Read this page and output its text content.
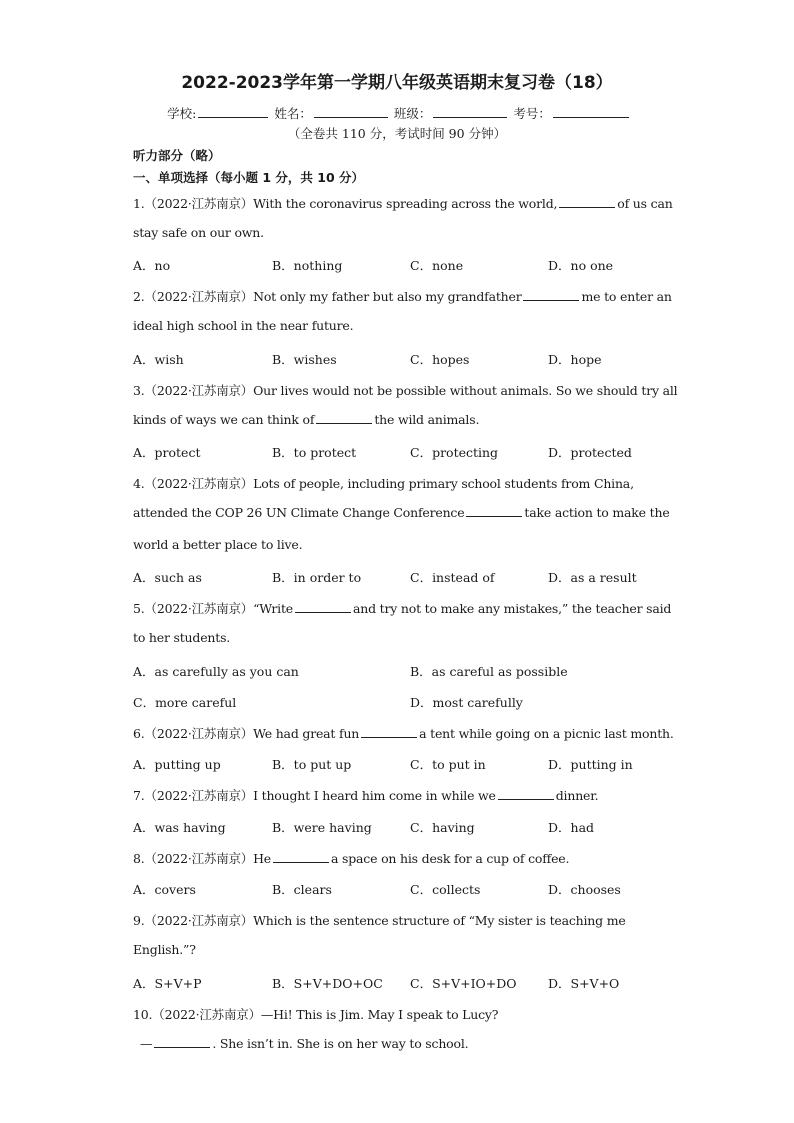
2022-2023学年第一学期八年级英语期末复习卷（18）
学校:	姓名：	班级：	考号：
（全卷共 110 分，考试时间 90 分钟）
听力部分（略）
一、单项选择（每小题 1 分，共 10 分）
1.（2022·江苏南京）With the coronavirus spreading across the world,	of us can
stay safe on our own.
A．no	B．nothing	C．none	D．no one
2.（2022·江苏南京）Not only my father but also my grandfather	me to enter an
ideal high school in the near future.
A．wish	B．wishes	C．hopes	D．hope
3.（2022·江苏南京）Our lives would not be possible without animals. So we should try all
kinds of ways we can think of	the wild animals.
A．protect	B．to protect	C．protecting	D．protected
4.（2022·江苏南京）Lots of people, including primary school students from China,
attended the COP 26 UN Climate Change Conference	take action to make the
world a better place to live.
A．such as	B．in order to	C．instead of	D．as a result
5.（2022·江苏南京）“Write	and try not to make any mistakes,” the teacher said
to her students.
A．as carefully as you can	B．as careful as possible
C．more careful	D．most carefully
6.（2022·江苏南京）We had great fun	a tent while going on a picnic last month.
A．putting up	B．to put up	C．to put in	D．putting in
7.（2022·江苏南京）I thought I heard him come in while we	dinner.
A．was having	B．were having	C．having	D．had
8.（2022·江苏南京）He	a space on his desk for a cup of coffee.
A．covers	B．clears	C．collects	D．chooses
9.（2022·江苏南京）Which is the sentence structure of “My sister is teaching me
English.”?
A．S+V+P	B．S+V+DO+OC C．S+V+IO+DO	D．S+V+O
10.（2022·江苏南京）—Hi! This is Jim. May I speak to Lucy?
—	. She isn’t in. She is on her way to school.
